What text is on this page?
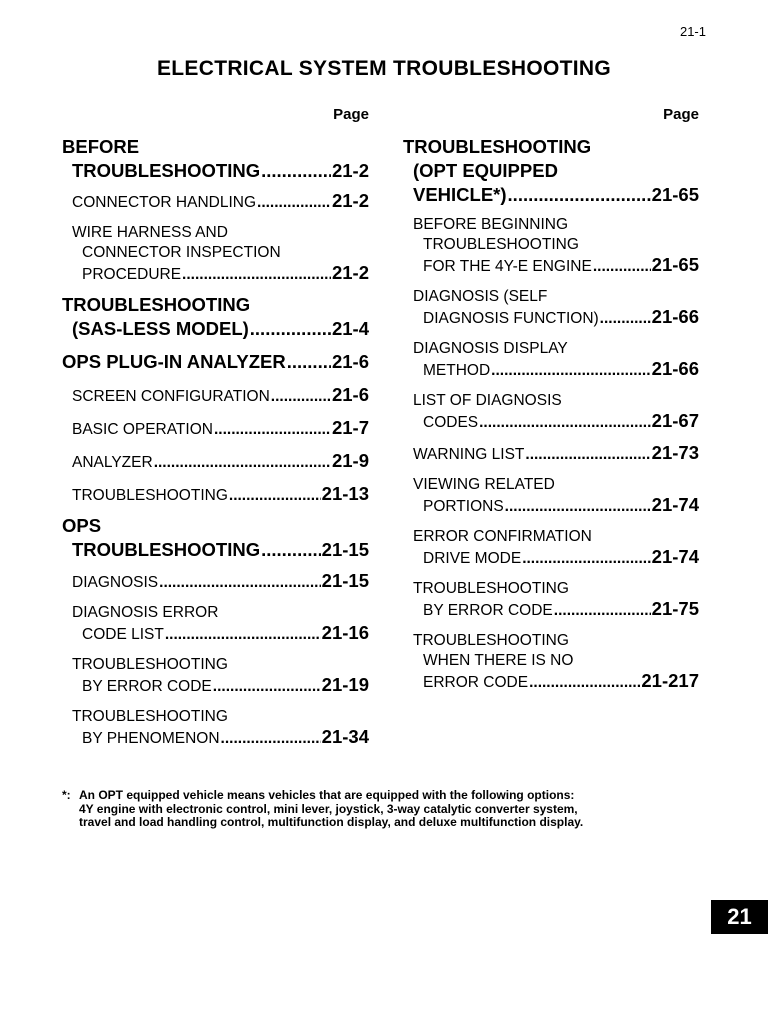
21-1
ELECTRICAL SYSTEM TROUBLESHOOTING
Page
BEFORE
TROUBLESHOOTING .....	21-2
CONNECTOR HANDLING .....	21-2
WIRE HARNESS AND
CONNECTOR INSPECTION
PROCEDURE .....	21-2
TROUBLESHOOTING
(SAS-LESS MODEL) .....	21-4
OPS PLUG-IN ANALYZER ..... 21-6
SCREEN CONFIGURATION .....	21-6
BASIC OPERATION .....	21-7
ANALYZER .....	21-9
TROUBLESHOOTING .....	21-13
OPS
TROUBLESHOOTING .....	21-15
DIAGNOSIS .....	21-15
DIAGNOSIS ERROR
CODE LIST .....	21-16
TROUBLESHOOTING
BY ERROR CODE .....	21-19
TROUBLESHOOTING
BY PHENOMENON .....	21-34
Page
TROUBLESHOOTING
(OPT EQUIPPED
VEHICLE*) .....	21-65
BEFORE BEGINNING
TROUBLESHOOTING
FOR THE 4Y-E ENGINE .....	21-65
DIAGNOSIS (SELF
DIAGNOSIS FUNCTION) .....	21-66
DIAGNOSIS DISPLAY
METHOD .....	21-66
LIST OF DIAGNOSIS
CODES .....	21-67
WARNING LIST .....	21-73
VIEWING RELATED
PORTIONS .....	21-74
ERROR CONFIRMATION
DRIVE MODE .....	21-74
TROUBLESHOOTING
BY ERROR CODE .....	21-75
TROUBLESHOOTING
WHEN THERE IS NO
ERROR CODE .....	21-217
*: An OPT equipped vehicle means vehicles that are equipped with the following options:
4Y engine with electronic control, mini lever, joystick, 3-way catalytic converter system,
travel and load handling control, multifunction display, and deluxe multifunction display.
21
